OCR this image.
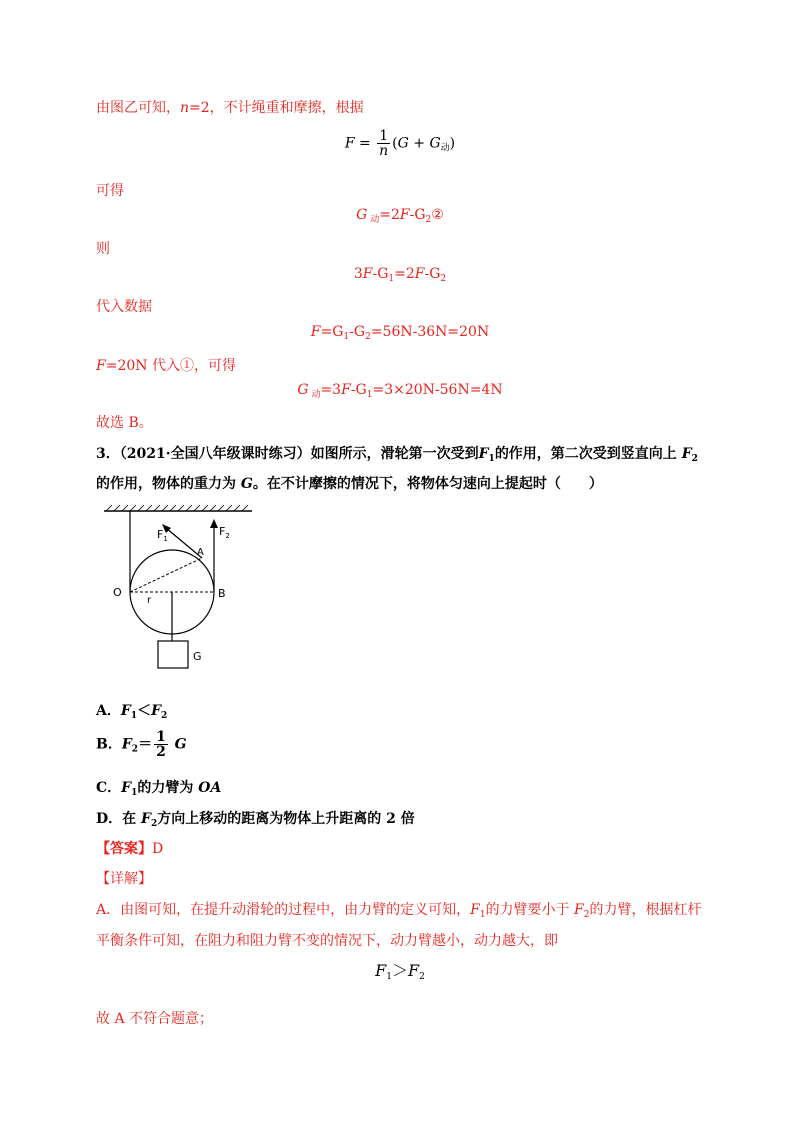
由图乙可知，n=2，不计绳重和摩擦，根据
$F = \frac{1}{n} (G + G_动)$
可得
G $_动=2F-G_2②$
则
$3F-G_1=2F-G_2$
代入数据
$F=G_1-G_2=56N-36N=20N$
F=20N 代入①，可得
G $_动=3F-G_1=3\times 20N-56N=4N$
故选 B。
3．（2021·全国八年级课时练习）如图所示，滑轮第一次受到$F_1$的作用，第二次受到竖直向上 $F_2$
的作用，物体的重力为 G。在不计摩擦的情况下，将物体匀速向上提起时（　　）
$F_1$
$F_2$
A
O	B
r
G
A．$F_1<F_2$
B．$F_2= \frac{1}{2}$ G
C．$F_1$的力臂为 OA
D．在 $F_2$方向上移动的距离为物体上升距离的 2 倍
【答案】D
【详解】
A．由图可知，在提升动滑轮的过程中，由力臂的定义可知，$F_1$的力臂要小于 $F_2$的力臂，根据杠杆
平衡条件可知，在阻力和阻力臂不变的情况下，动力臂越小，动力越大，即
$F_1>F_2$
故 A 不符合题意；
